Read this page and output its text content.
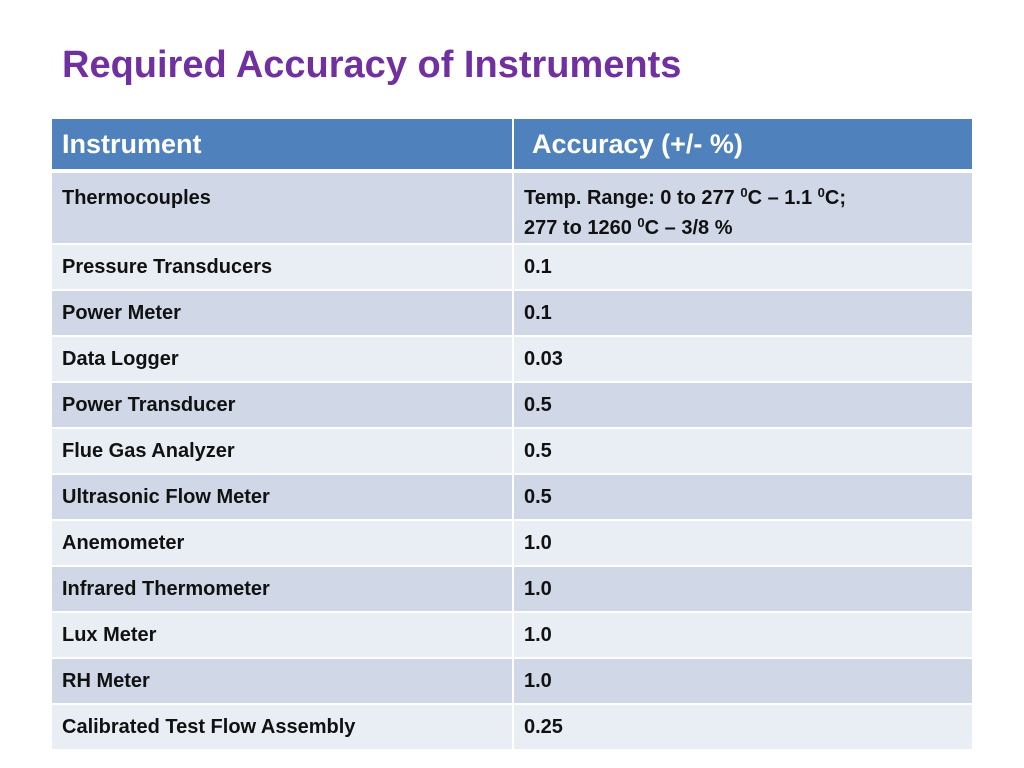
Required Accuracy of Instruments
Instrument	Accuracy (+/- %)
Thermocouples	Temp. Range: 0 to 277 $^0$C – 1.1 $^0$C;
277 to 1260 $^0$C – 3/8 %
Pressure Transducers	0.1
Power Meter	0.1
Data Logger	0.03
Power Transducer	0.5
Flue Gas Analyzer	0.5
Ultrasonic Flow Meter	0.5
Anemometer	1.0
Infrared Thermometer	1.0
Lux Meter	1.0
RH Meter	1.0
Calibrated Test Flow Assembly	0.25
